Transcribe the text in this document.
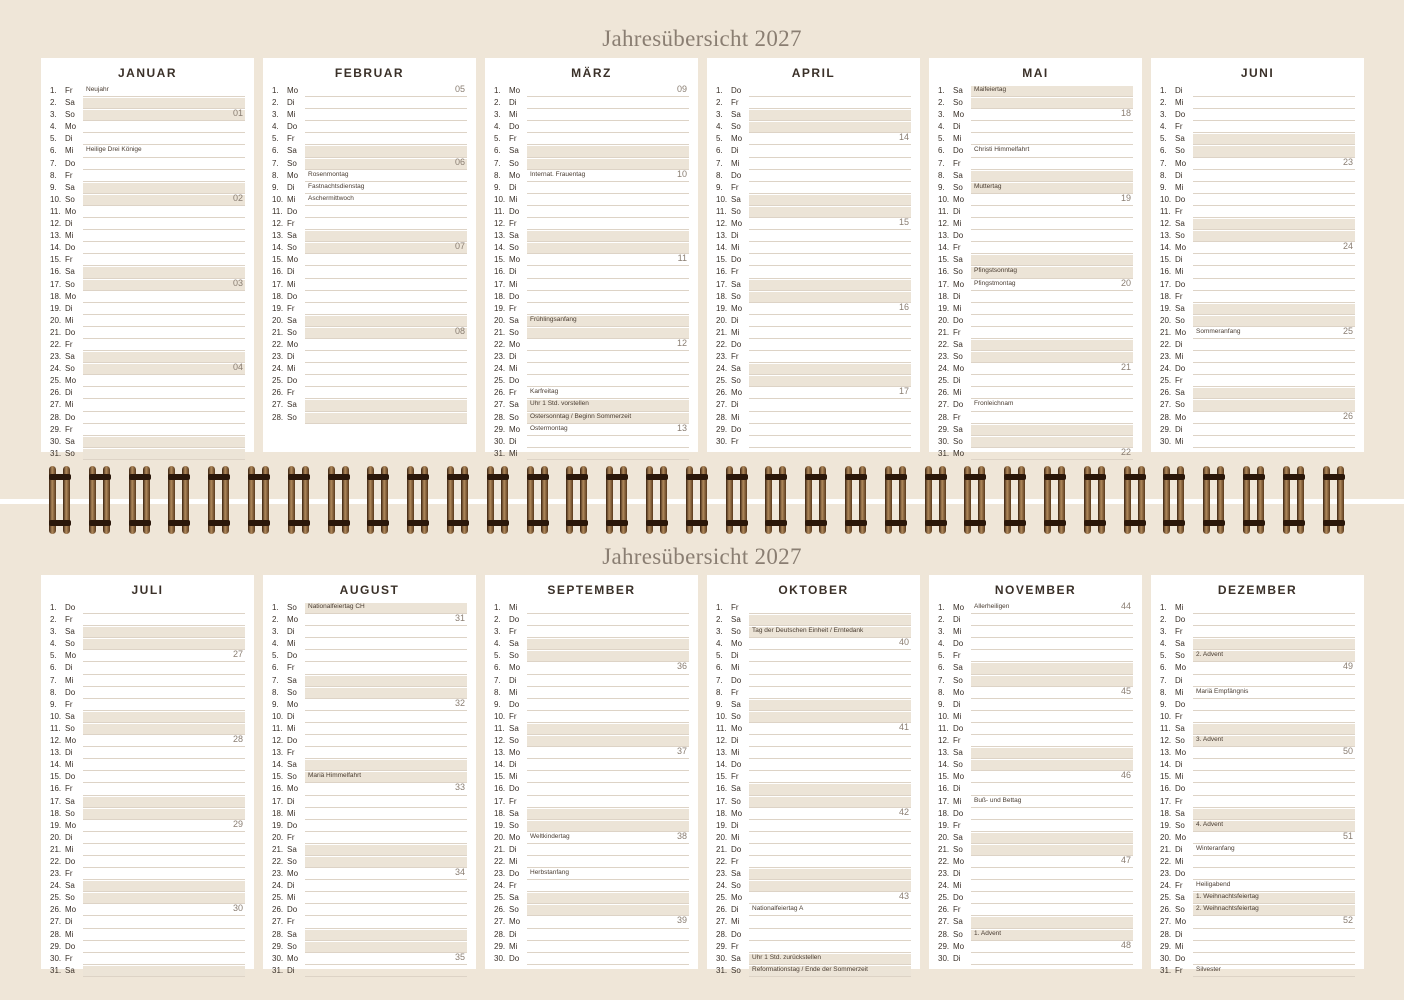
Jahresübersicht 2027
JANUAR
1.	Fr	Neujahr
2.	Sa
3.	So	01
4.	Mo
5.	Di
6.	Mi	Heilige Drei Könige
7.	Do
8.	Fr
9.	Sa
10. So	02
11. Mo
12. Di
13. Mi
14. Do
15. Fr
16. Sa
17. So	03
18. Mo
19. Di
20. Mi
21. Do
22. Fr
23. Sa
24. So	04
25. Mo
26. Di
27. Mi
28. Do
29. Fr
30. Sa
31. So
FEBRUAR
1.	Mo	05
2.	Di
3.	Mi
4.	Do
5.	Fr
6.	Sa
7.	So	06
8.	Mo	Rosenmontag
9.	Di	Fastnachtsdienstag
10. Mi	Aschermittwoch
11. Do
12. Fr
13. Sa
14. So	07
15. Mo
16. Di
17. Mi
18. Do
19. Fr
20. Sa
21. So	08
22. Mo
23. Di
24. Mi
25. Do
26. Fr
27. Sa
28. So
MÄRZ
1.	Mo	09
2.	Di
3.	Mi
4.	Do
5.	Fr
6.	Sa
7.	So
8.	Mo	Internat. Frauentag	10
9.	Di
10. Mi
11. Do
12. Fr
13. Sa
14. So
15. Mo	11
16. Di
17. Mi
18. Do
19. Fr
20. Sa	Frühlingsanfang
21. So
22. Mo	12
23. Di
24. Mi
25. Do
26. Fr	Karfreitag
27. Sa	Uhr 1 Std. vorstellen
28. So	Ostersonntag / Beginn Sommerzeit
29. Mo	Ostermontag	13
30. Di
31. Mi
APRIL
1.	Do
2.	Fr
3.	Sa
4.	So
5.	Mo	14
6.	Di
7.	Mi
8.	Do
9.	Fr
10. Sa
11. So
12. Mo	15
13. Di
14. Mi
15. Do
16. Fr
17. Sa
18. So
19. Mo	16
20. Di
21. Mi
22. Do
23. Fr
24. Sa
25. So
26. Mo	17
27. Di
28. Mi
29. Do
30. Fr
MAI
1.	Sa	Maifeiertag
2.	So
3.	Mo	18
4.	Di
5.	Mi
6.	Do	Christi Himmelfahrt
7.	Fr
8.	Sa
9.	So	Muttertag
10. Mo	19
11. Di
12. Mi
13. Do
14. Fr
15. Sa
16. So	Pfingstsonntag
17. Mo	Pfingstmontag	20
18. Di
19. Mi
20. Do
21. Fr
22. Sa
23. So
24. Mo	21
25. Di
26. Mi
27. Do	Fronleichnam
28. Fr
29. Sa
30. So
31. Mo	22
JUNI
1.	Di
2.	Mi
3.	Do
4.	Fr
5.	Sa
6.	So
7.	Mo	23
8.	Di
9.	Mi
10. Do
11. Fr
12. Sa
13. So
14. Mo	24
15. Di
16. Mi
17. Do
18. Fr
19. Sa
20. So
21. Mo	Sommeranfang	25
22. Di
23. Mi
24. Do
25. Fr
26. Sa
27. So
28. Mo	26
29. Di
30. Mi
Jahresübersicht 2027
JULI
1.	Do
2.	Fr
3.	Sa
4.	So
5.	Mo	27
6.	Di
7.	Mi
8.	Do
9.	Fr
10. Sa
11. So
12. Mo	28
13. Di
14. Mi
15. Do
16. Fr
17. Sa
18. So
19. Mo	29
20. Di
21. Mi
22. Do
23. Fr
24. Sa
25. So
26. Mo	30
27. Di
28. Mi
29. Do
30. Fr
31. Sa
AUGUST
1.	So	Nationalfeiertag CH
2.	Mo	31
3.	Di
4.	Mi
5.	Do
6.	Fr
7.	Sa
8.	So
9.	Mo	32
10. Di
11. Mi
12. Do
13. Fr
14. Sa
15. So	Mariä Himmelfahrt
16. Mo	33
17. Di
18. Mi
19. Do
20. Fr
21. Sa
22. So
23. Mo	34
24. Di
25. Mi
26. Do
27. Fr
28. Sa
29. So
30. Mo	35
31. Di
SEPTEMBER
1.	Mi
2.	Do
3.	Fr
4.	Sa
5.	So
6.	Mo	36
7.	Di
8.	Mi
9.	Do
10. Fr
11. Sa
12. So
13. Mo	37
14. Di
15. Mi
16. Do
17. Fr
18. Sa
19. So
20. Mo	Weltkindertag	38
21. Di
22. Mi
23. Do	Herbstanfang
24. Fr
25. Sa
26. So
27. Mo	39
28. Di
29. Mi
30. Do
OKTOBER
1.	Fr
2.	Sa
3.	So	Tag der Deutschen Einheit / Erntedank
4.	Mo	40
5.	Di
6.	Mi
7.	Do
8.	Fr
9.	Sa
10. So
11. Mo	41
12. Di
13. Mi
14. Do
15. Fr
16. Sa
17. So
18. Mo	42
19. Di
20. Mi
21. Do
22. Fr
23. Sa
24. So
25. Mo	43
26. Di	Nationalfeiertag A
27. Mi
28. Do
29. Fr
30. Sa	Uhr 1 Std. zurückstellen
31. So	Reformationstag / Ende der Sommerzeit
NOVEMBER
1.	Mo	Allerheiligen	44
2.	Di
3.	Mi
4.	Do
5.	Fr
6.	Sa
7.	So
8.	Mo	45
9.	Di
10. Mi
11. Do
12. Fr
13. Sa
14. So
15. Mo	46
16. Di
17. Mi	Buß- und Bettag
18. Do
19. Fr
20. Sa
21. So
22. Mo	47
23. Di
24. Mi
25. Do
26. Fr
27. Sa
28. So	1. Advent
29. Mo	48
30. Di
DEZEMBER
1.	Mi
2.	Do
3.	Fr
4.	Sa
5.	So	2. Advent
6.	Mo	49
7.	Di
8.	Mi	Mariä Empfängnis
9.	Do
10. Fr
11. Sa
12. So	3. Advent
13. Mo	50
14. Di
15. Mi
16. Do
17. Fr
18. Sa
19. So	4. Advent
20. Mo	51
21. Di	Winteranfang
22. Mi
23. Do
24. Fr	Heiligabend
25. Sa	1. Weihnachtsfeiertag
26. So	2. Weihnachtsfeiertag
27. Mo	52
28. Di
29. Mi
30. Do
31. Fr	Silvester
